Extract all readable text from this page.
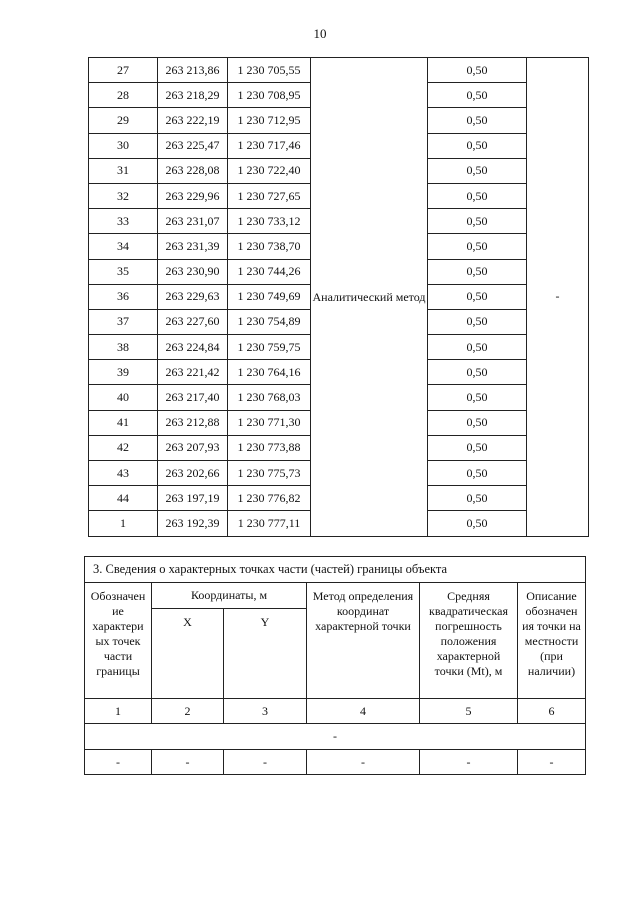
10
27	263 213,86	1 230 705,55	Аналитический метод	0,50	-
28	263 218,29	1 230 708,95		0,50	
29	263 222,19	1 230 712,95		0,50	
30	263 225,47	1 230 717,46		0,50	
31	263 228,08	1 230 722,40		0,50	
32	263 229,96	1 230 727,65		0,50	
33	263 231,07	1 230 733,12		0,50	
34	263 231,39	1 230 738,70		0,50	
35	263 230,90	1 230 744,26		0,50	
36	263 229,63	1 230 749,69		0,50	
37	263 227,60	1 230 754,89		0,50	
38	263 224,84	1 230 759,75		0,50	
39	263 221,42	1 230 764,16		0,50	
40	263 217,40	1 230 768,03		0,50	
41	263 212,88	1 230 771,30		0,50	
42	263 207,93	1 230 773,88		0,50	
43	263 202,66	1 230 775,73		0,50	
44	263 197,19	1 230 776,82		0,50	
1	263 192,39	1 230 777,11		0,50	
3. Сведения о характерных точках части (частей) границы объекта					
Обозначен ие характери ых точек части границы	Координаты, м		Метод определения координат характерной точки	Средняя квадратическая погрешность положения характерной точки (Mt), м	Описание обозначен ия точки на местности (при наличии)
	X	Y			
1	2	3	4	5	6
-					
-	-	-	-	-	-
